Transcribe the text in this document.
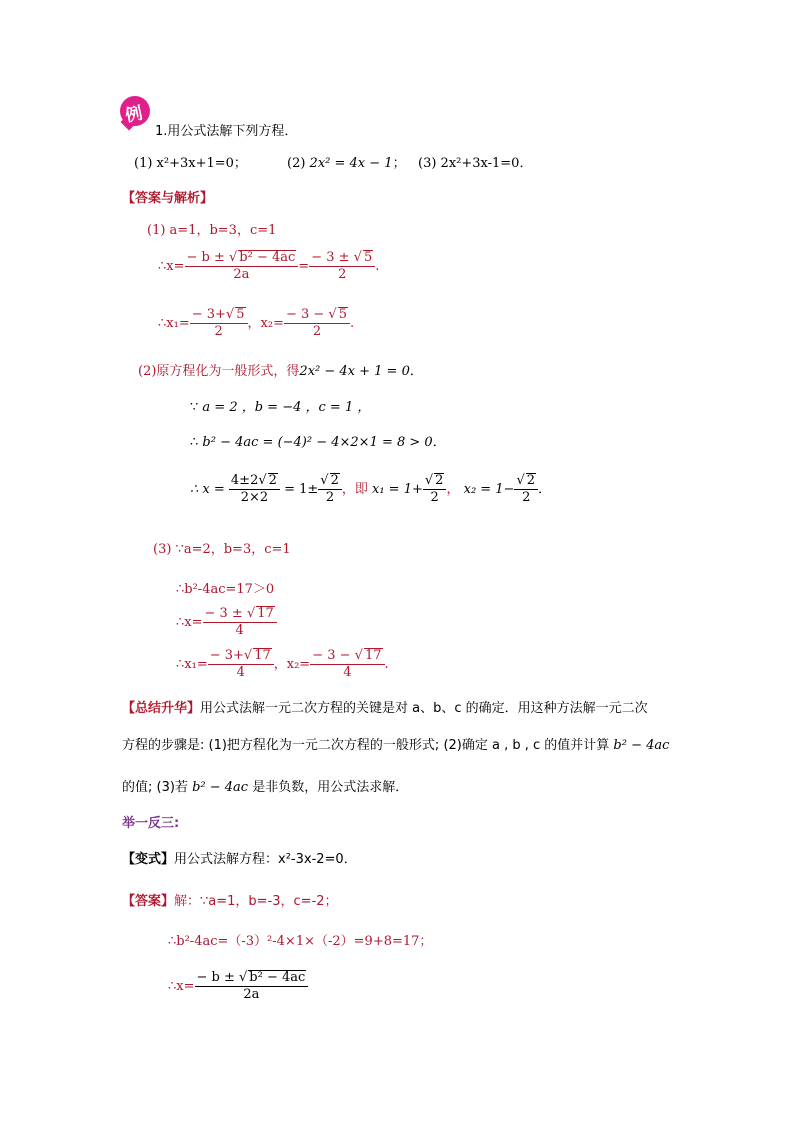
例
1.用公式法解下列方程．
(1) x²+3x+1=0；	(2) 2x² = 4x − 1； (3) 2x²+3x-1=0．
【答案与解析】
(1) a=1，b=3，c=1
∴x= $\frac{\text{− b ± √ b² − 4ac}}{2a} = \frac{- 3 \pm √ 5}{2}$ .
∴x₁= $\frac{- 3+√ 5}{2}$ ，$x_2= \frac{- 3 - √ 5}{2}$ .
(2)原方程化为一般形式，得2x² − 4x + 1 = 0．
∵ a = 2 ，b = −4 ，c = 1 ，
∴ b² − 4ac = (−4)² − 4×2×1 = 8 > 0．
∴ $x = \frac{4\pm 2√ 2}{2\times 2} = 1\pm \frac{√ 2}{2}$ ，即 $x_1 = 1+ \frac{√ 2}{2}$ ， $x_2 = 1- \frac{√ 2}{2}$ ．
(3) ∵a=2，b=3，c=1
∴b²-4ac=17＞0
∴x= $\frac{- 3 \pm √ 17}{4}$
∴x₁= $\frac{- 3+√ 17}{4}$ ，$x_2= \frac{- 3 - √ 17}{4}$ .
【总结升华】用公式法解一元二次方程的关键是对 a、b、c 的确定．用这种方法解一元二次
方程的步骤是: (1)把方程化为一元二次方程的一般形式; (2)确定 a , b , c 的值并计算 b² − 4ac
的值; (3)若 b² − 4ac 是非负数，用公式法求解．
举一反三:
【变式】用公式法解方程：x²-3x-2=0．
【答案】解：∵a=1，b=-3，c=-2；
∴b²-4ac=（-3）²-4×1×（-2）=9+8=17；
∴x= $\frac{\text{− b ± √ b² − 4ac}}{2a}$
